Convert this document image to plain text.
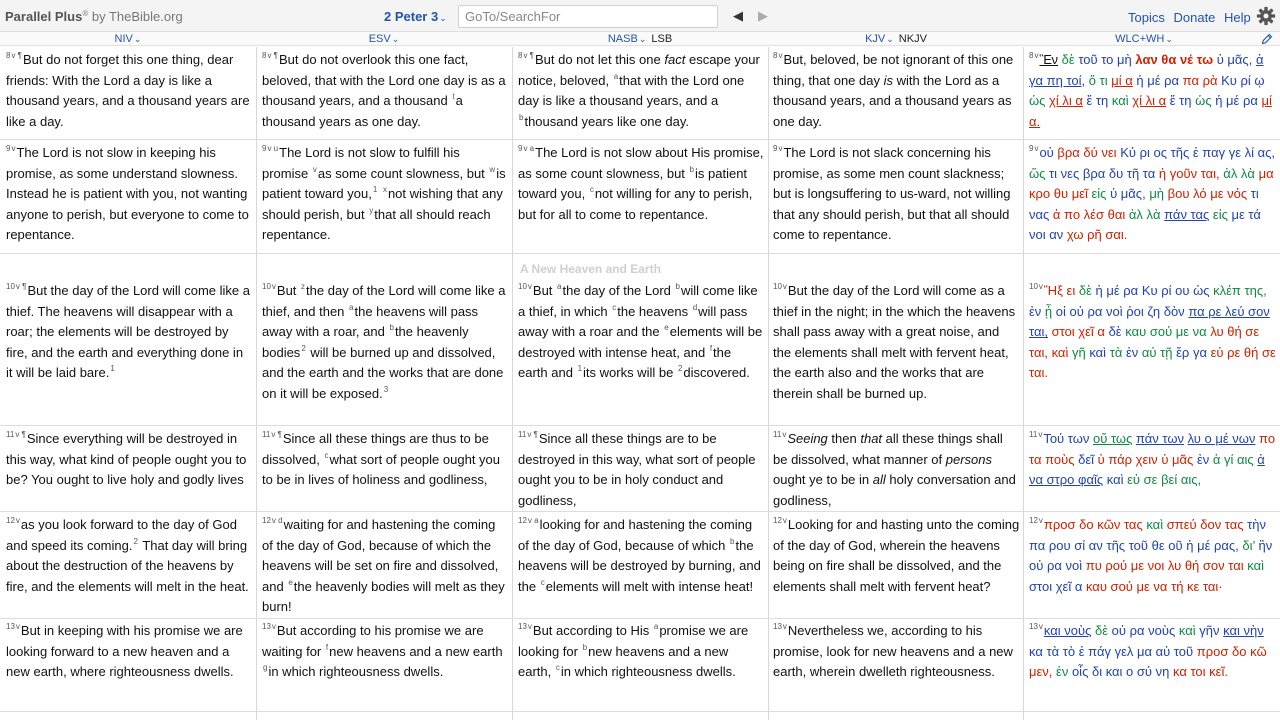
Parallel Plus® by TheBible.org	2 Peter 3⌄
GoTo/SearchFor	◀ ▶	Topics Donate Help
NIV⌄	ESV⌄	NASB⌄ LSB	KJV⌄ NKJV	WLC+WH⌄
A New Heaven and Earth
$^{8v \P}$But do not forget this one thing, dear friends: With the Lord a day is like a thousand years, and a thousand years are like a day.
$^{8v \P}$But do not overlook this one fact, beloved, that with the Lord one day is as a thousand years, and a thousand $^t$a thousand years as one day.
$^{8v \P}$But do not let this one fact escape your notice, beloved, $^a$that with the Lord one day is like a thousand years, and a $^b$thousand years like one day.
$^{8v}$But, beloved, be not ignorant of this one thing, that one day is with the Lord as a thousand years, and a thousand years as one day.
$^{8v}$Ἓν δὲ τοῦ το μὴ λαν θα νέ τω ὑ μᾶς, ἀ γα πη τοί, ὅ τι μί α ἡ μέ ρα πα ρὰ Κυ ρί ῳ ὡς χί λι α ἔ τη καὶ χί λι α ἔ τη ὡς ἡ μέ ρα μί α.
$^{9v}$The Lord is not slow in keeping his promise, as some understand slowness. Instead he is patient with you, not wanting anyone to perish, but everyone to come to repentance.
$^{9v u}$The Lord is not slow to fulfill his promise $^v$as some count slowness, but $^w$is patient toward you,$^1$ $^x$not wishing that any should perish, but $^y$that all should reach repentance.
$^{9v a}$The Lord is not slow about His promise, as some count slowness, but $^b$is patient toward you, $^c$not willing for any to perish, but for all to come to repentance.
$^{9v}$The Lord is not slack concerning his promise, as some men count slackness; but is longsuffering to us-ward, not willing that any should perish, but that all should come to repentance.
$^{9v}$οὐ βρα δύ νει Κύ ρι ος τῆς ἐ παγ γε λί ας, ὥς τι νες βρα δυ τῆ τα ἡ γοῦν ται, ἀλ λὰ μα κρο θυ μεῖ εἰς ὑ μᾶς, μὴ βου λό με νός τι νας ἀ πο λέσ θαι ἀλ λὰ πάν τας εἰς με τά νοι αν χω ρῆ σαι.
$^{10v \P}$But the day of the Lord will come like a thief. The heavens will disappear with a roar; the elements will be destroyed by fire, and the earth and everything done in it will be laid bare.$^1$
$^{10v}$But $^z$the day of the Lord will come like a thief, and then $^a$the heavens will pass away with a roar, and $^b$the heavenly bodies$^2$ will be burned up and dissolved, and the earth and the works that are done on it will be exposed.$^3$
$^{10v}$But $^a$the day of the Lord $^b$will come like a thief, in which $^c$the heavens $^d$will pass away with a roar and the $^e$elements will be destroyed with intense heat, and $^f$the earth and $^1$its works will be $^2$discovered.
$^{10v}$But the day of the Lord will come as a thief in the night; in the which the heavens shall pass away with a great noise, and the elements shall melt with fervent heat, the earth also and the works that are therein shall be burned up.
$^{10v}$Ἥξ ει δὲ ἡ μέ ρα Κυ ρί ου ὡς κλέπ της, ἐν ᾗ οἱ οὐ ρα νοὶ ῥοι ζη δὸν πα ρε λεύ σον ται, στοι χεῖ α δὲ καυ σού με να λυ θή σε ται, καὶ γῆ καὶ τὰ ἐν αὐ τῇ ἔρ γα εὑ ρε θή σε ται.
$^{11v \P}$Since everything will be destroyed in this way, what kind of people ought you to be? You ought to live holy and godly lives
$^{11v \P}$Since all these things are thus to be dissolved, $^c$what sort of people ought you to be in lives of holiness and godliness,
$^{11v \P}$Since all these things are to be destroyed in this way, what sort of people ought you to be in holy conduct and godliness,
$^{11v}$Seeing then that all these things shall be dissolved, what manner of persons ought ye to be in all holy conversation and godliness,
$^{11v}$Τού των οὕ τως πάν των λυ ο μέ νων πο τα ποὺς δεῖ ὑ πάρ χειν ὑ μᾶς ἐν ἁ γί αις ἀ να στρο φαῖς καὶ εὐ σε βεί αις,
$^{12v}$as you look forward to the day of God and speed its coming.$^2$ That day will bring about the destruction of the heavens by fire, and the elements will melt in the heat.
$^{12v d}$waiting for and hastening the coming of the day of God, because of which the heavens will be set on fire and dissolved, and $^e$the heavenly bodies will melt as they burn!
$^{12v a}$looking for and hastening the coming of the day of God, because of which $^b$the heavens will be destroyed by burning, and the $^c$elements will melt with intense heat!
$^{12v}$Looking for and hasting unto the coming of the day of God, wherein the heavens being on fire shall be dissolved, and the elements shall melt with fervent heat?
$^{12v}$προσ δο κῶν τας καὶ σπεύ δον τας τὴν πα ρου σί αν τῆς τοῦ θε οῦ ἡ μέ ρας, δι’ ἣν οὐ ρα νοὶ πυ ρού με νοι λυ θή σον ται καὶ στοι χεῖ α καυ σού με να τή κε ται·
$^{13v}$But in keeping with his promise we are looking forward to a new heaven and a new earth, where righteousness dwells.
$^{13v}$But according to his promise we are waiting for $^f$new heavens and a new earth $^g$in which righteousness dwells.
$^{13v}$But according to His $^a$promise we are looking for $^b$new heavens and a new earth, $^c$in which righteousness dwells.
$^{13v}$Nevertheless we, according to his promise, look for new heavens and a new earth, wherein dwelleth righteousness.
$^{13v}$και νοὺς δὲ οὐ ρα νοὺς καὶ γῆν και νὴν κα τὰ τὸ ἐ πάγ γελ μα αὐ τοῦ προσ δο κῶ μεν, ἐν οἷς δι και ο σύ νη κα τοι κεῖ.
